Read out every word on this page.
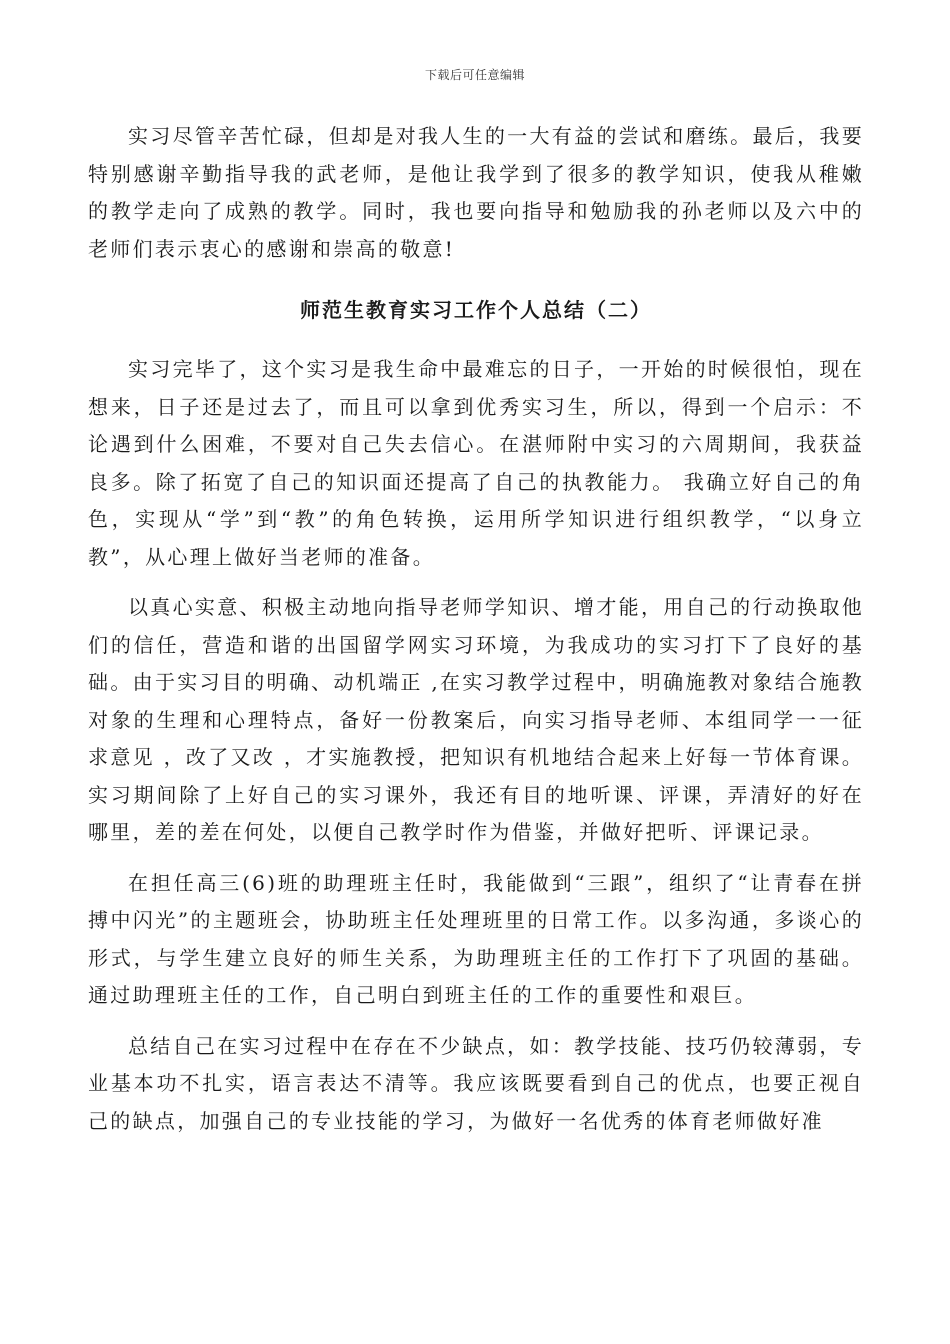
下载后可任意编辑

实习尽管辛苦忙碌，但却是对我人生的一大有益的尝试和磨练。最后，我要特别感谢辛勤指导我的武老师，是他让我学到了很多的教学知识，使我从稚嫩的教学走向了成熟的教学。同时，我也要向指导和勉励我的孙老师以及六中的老师们表示衷心的感谢和崇高的敬意!

师范生教育实习工作个人总结（二）

实习完毕了，这个实习是我生命中最难忘的日子，一开始的时候很怕，现在想来，日子还是过去了，而且可以拿到优秀实习生，所以，得到一个启示：不论遇到什么困难，不要对自己失去信心。在湛师附中实习的六周期间，我获益良多。除了拓宽了自己的知识面还提高了自己的执教能力。 我确立好自己的角色，实现从“学”到“教”的角色转换，运用所学知识进行组织教学，“以身立教”，从心理上做好当老师的准备。

以真心实意、积极主动地向指导老师学知识、增才能，用自己的行动换取他们的信任，营造和谐的出国留学网实习环境，为我成功的实习打下了良好的基础。由于实习目的明确、动机端正 ,在实习教学过程中，明确施教对象结合施教对象的生理和心理特点，备好一份教案后，向实习指导老师、本组同学一一征求意见 ，改了又改 ，才实施教授，把知识有机地结合起来上好每一节体育课。实习期间除了上好自己的实习课外，我还有目的地听课、评课，弄清好的好在哪里，差的差在何处，以便自己教学时作为借鉴，并做好把听、评课记录。

在担任高三(6)班的助理班主任时，我能做到“三跟”，组织了“让青春在拼搏中闪光”的主题班会，协助班主任处理班里的日常工作。以多沟通，多谈心的形式，与学生建立良好的师生关系，为助理班主任的工作打下了巩固的基础。通过助理班主任的工作，自己明白到班主任的工作的重要性和艰巨。

总结自己在实习过程中在存在不少缺点，如：教学技能、技巧仍较薄弱，专业基本功不扎实，语言表达不清等。我应该既要看到自己的优点，也要正视自己的缺点，加强自己的专业技能的学习，为做好一名优秀的体育老师做好准
